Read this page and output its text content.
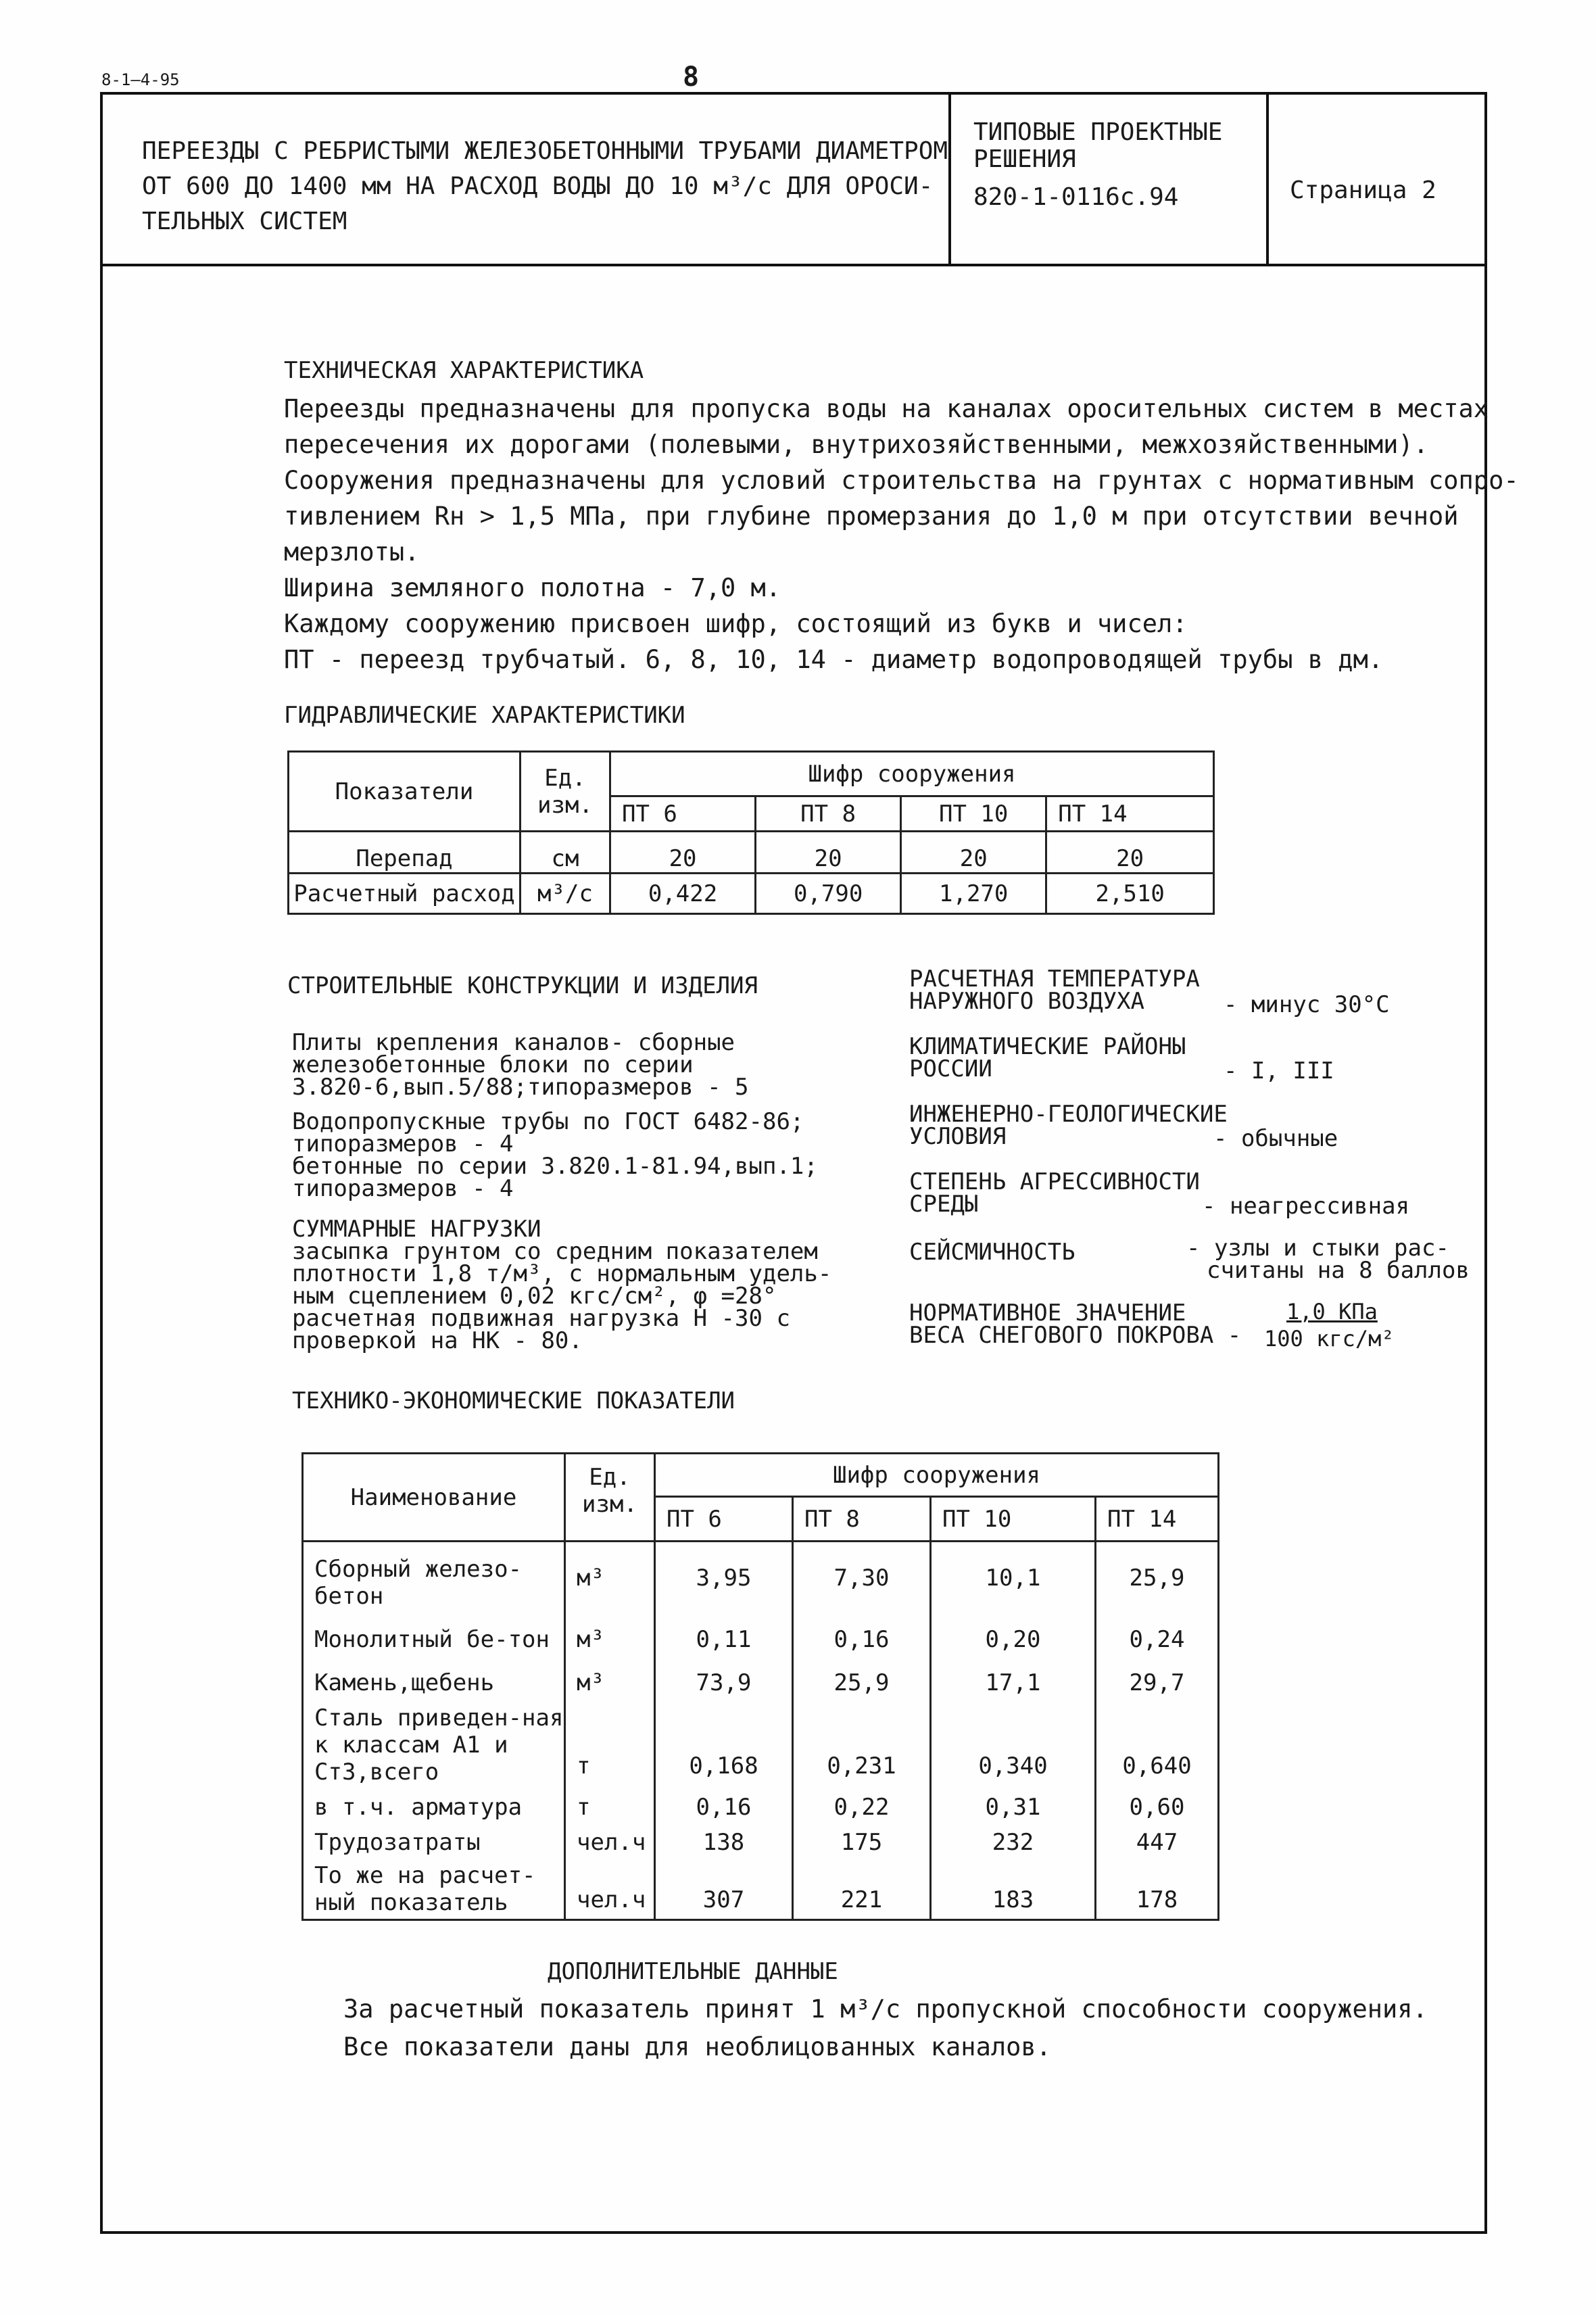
8-1—4-95	8
ПЕРЕЕЗДЫ С РЕБРИСТЫМИ ЖЕЛЕЗОБЕТОННЫМИ ТРУБАМИ ДИАМЕТРОМ
ОТ 600 ДО 1400 мм НА РАСХОД ВОДЫ ДО 10 м³/с ДЛЯ ОРОСИ-
ТЕЛЬНЫХ СИСТЕМ
ТИПОВЫЕ ПРОЕКТНЫЕ
РЕШЕНИЯ
820-1-0116с.94	Страница 2
ТЕХНИЧЕСКАЯ ХАРАКТЕРИСТИКА
Переезды предназначены для пропуска воды на каналах оросительных систем в местах
пересечения их дорогами (полевыми, внутрихозяйственными, межхозяйственными).
Сооружения предназначены для условий строительства на грунтах с нормативным сопро-
тивлением Rн > 1,5 МПа, при глубине промерзания до 1,0 м при отсутствии вечной
мерзлоты.
Ширина земляного полотна - 7,0 м.
Каждому сооружению присвоен шифр, состоящий из букв и чисел:
ПТ - переезд трубчатый. 6, 8, 10, 14 - диаметр водопроводящей трубы в дм.
ГИДРАВЛИЧЕСКИЕ ХАРАКТЕРИСТИКИ
Показатели	Ед. изм.	Шифр сооружения			
		ПТ 6	ПТ 8	ПТ 10	ПТ 14
Перепад	см	20	20	20	20
Расчетный расход	м³/с	0,422	0,790	1,270	2,510
СТРОИТЕЛЬНЫЕ КОНСТРУКЦИИ И ИЗДЕЛИЯ
Плиты крепления каналов- сборные
железобетонные блоки по серии
3.820-6,вып.5/88;типоразмеров - 5
Водопропускные трубы по ГОСТ 6482-86;
типоразмеров - 4
бетонные по серии 3.820.1-81.94,вып.1;
типоразмеров - 4
СУММАРНЫЕ НАГРУЗКИ
засыпка грунтом со средним показателем
плотности 1,8 т/м³, с нормальным удель-
ным сцеплением 0,02 кгс/см², φ =28°
расчетная подвижная нагрузка Н -30 с
проверкой на НК - 80.
РАСЧЕТНАЯ ТЕМПЕРАТУРА
НАРУЖНОГО ВОЗДУХА	- минус 30°С
КЛИМАТИЧЕСКИЕ РАЙОНЫ
РОССИИ	- I, III
ИНЖЕНЕРНО-ГЕОЛОГИЧЕСКИЕ
УСЛОВИЯ	- обычные
СТЕПЕНЬ АГРЕССИВНОСТИ
СРЕДЫ	- неагрессивная
СЕЙСМИЧНОСТЬ	- узлы и стыки рас-
считаны на 8 баллов
НОРМАТИВНОЕ ЗНАЧЕНИЕ
ВЕСА СНЕГОВОГО ПОКРОВА -
1,0 КПа
100 кгс/м²
ТЕХНИКО-ЭКОНОМИЧЕСКИЕ ПОКАЗАТЕЛИ
Наименование	Ед. изм.	Шифр сооружения			
		ПТ 6	ПТ 8	ПТ 10	ПТ 14
Сборный железо-бетон	м³	3,95	7,30	10,1	25,9
Монолитный бе-тон	м³	0,11	0,16	0,20	0,24
Камень,щебень	м³	73,9	25,9	17,1	29,7
Сталь приведен-ная к классам А1 и Ст3,всего	т	0,168	0,231	0,340	0,640
в т.ч. арматура	т	0,16	0,22	0,31	0,60
Трудозатраты	чел.ч	138	175	232	447
То же на расчет-ный показатель	чел.ч	307	221	183	178
ДОПОЛНИТЕЛЬНЫЕ ДАННЫЕ
За расчетный показатель принят 1 м³/с пропускной способности сооружения.
Все показатели даны для необлицованных каналов.
